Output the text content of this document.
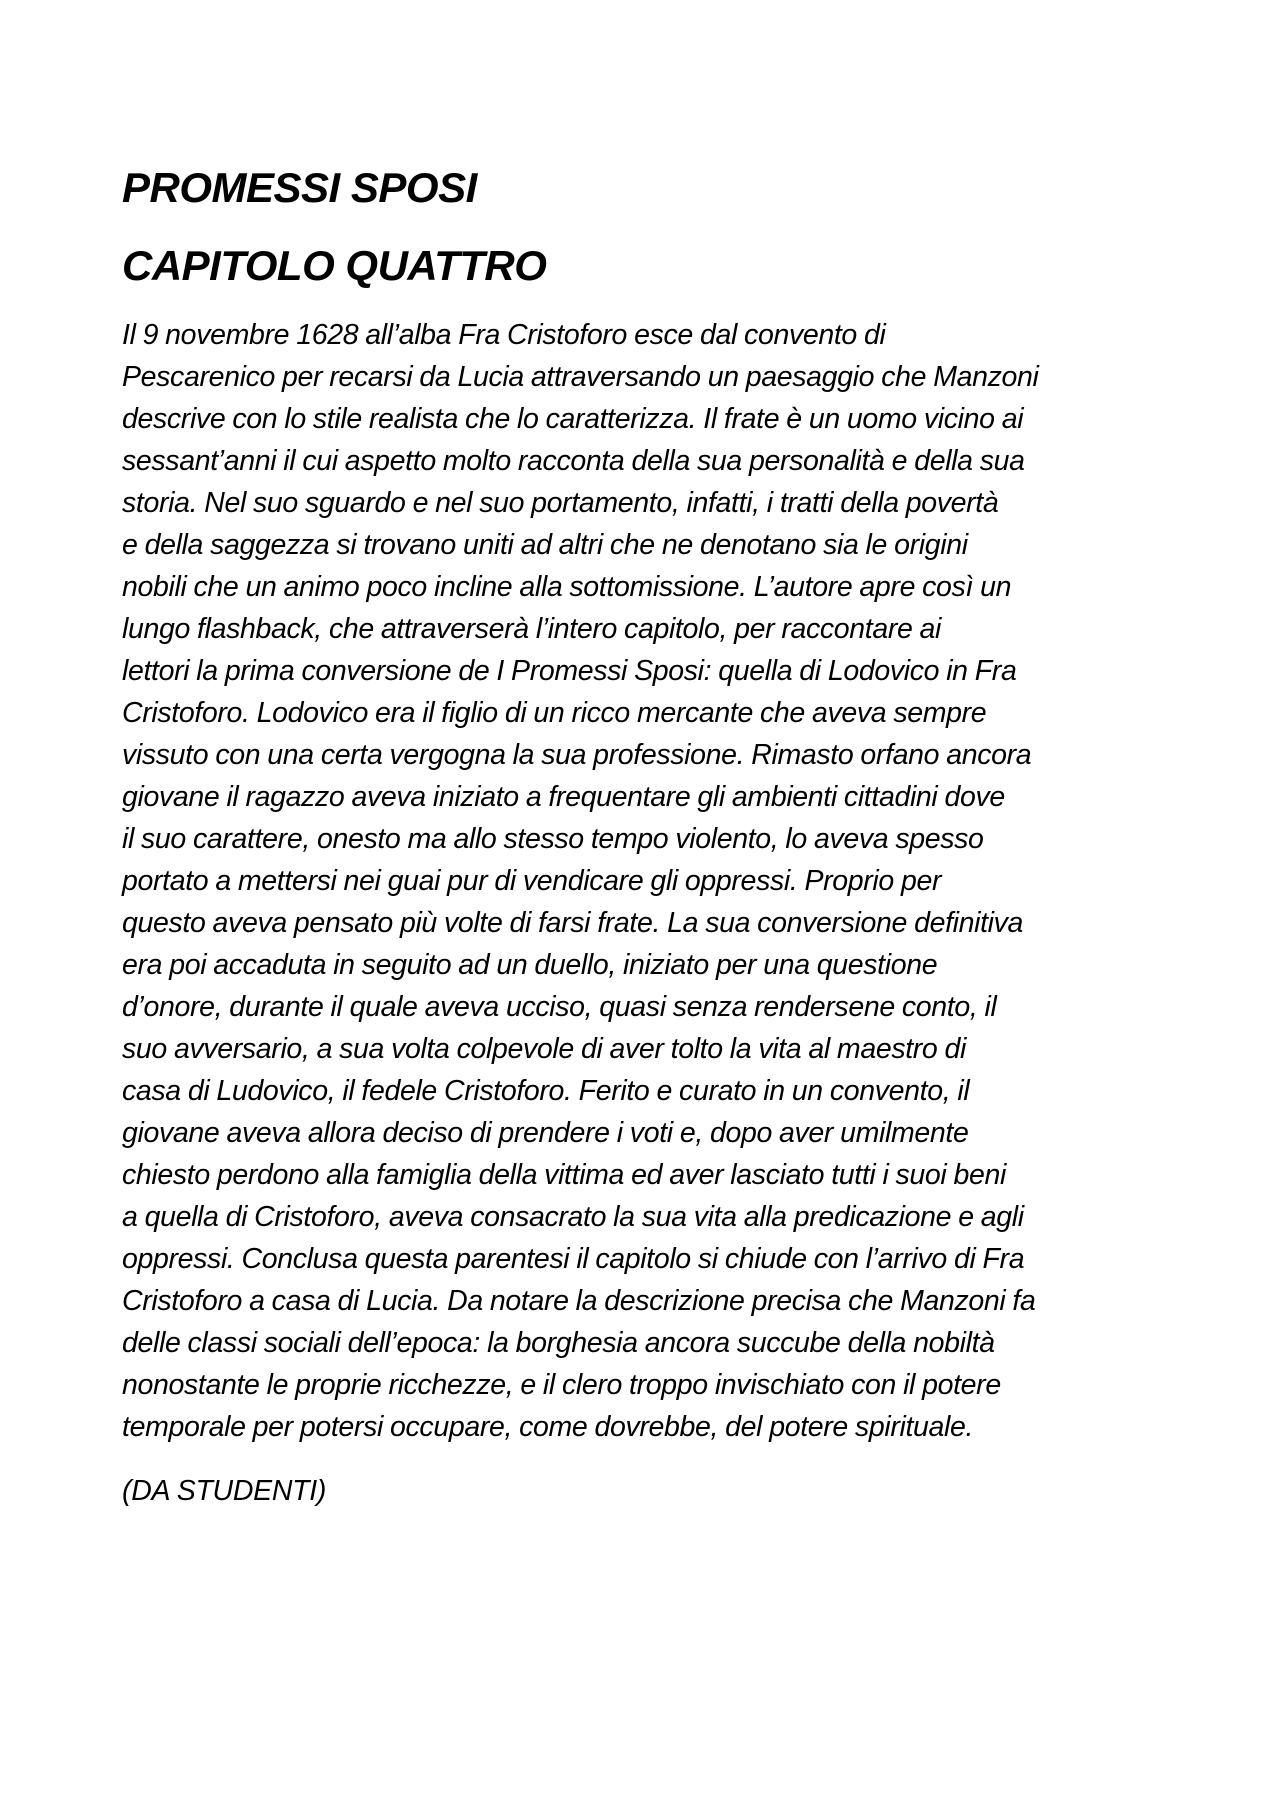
PROMESSI SPOSI
CAPITOLO QUATTRO

Il 9 novembre 1628 all’alba Fra Cristoforo esce dal convento di
Pescarenico per recarsi da Lucia attraversando un paesaggio che Manzoni
descrive con lo stile realista che lo caratterizza. Il frate è un uomo vicino ai
sessant’anni il cui aspetto molto racconta della sua personalità e della sua
storia. Nel suo sguardo e nel suo portamento, infatti, i tratti della povertà
e della saggezza si trovano uniti ad altri che ne denotano sia le origini
nobili che un animo poco incline alla sottomissione. L’autore apre così un
lungo flashback, che attraverserà l’intero capitolo, per raccontare ai
lettori la prima conversione de I Promessi Sposi: quella di Lodovico in Fra
Cristoforo. Lodovico era il figlio di un ricco mercante che aveva sempre
vissuto con una certa vergogna la sua professione. Rimasto orfano ancora
giovane il ragazzo aveva iniziato a frequentare gli ambienti cittadini dove
il suo carattere, onesto ma allo stesso tempo violento, lo aveva spesso
portato a mettersi nei guai pur di vendicare gli oppressi. Proprio per
questo aveva pensato più volte di farsi frate. La sua conversione definitiva
era poi accaduta in seguito ad un duello, iniziato per una questione
d’onore, durante il quale aveva ucciso, quasi senza rendersene conto, il
suo avversario, a sua volta colpevole di aver tolto la vita al maestro di
casa di Ludovico, il fedele Cristoforo. Ferito e curato in un convento, il
giovane aveva allora deciso di prendere i voti e, dopo aver umilmente
chiesto perdono alla famiglia della vittima ed aver lasciato tutti i suoi beni
a quella di Cristoforo, aveva consacrato la sua vita alla predicazione e agli
oppressi. Conclusa questa parentesi il capitolo si chiude con l’arrivo di Fra
Cristoforo a casa di Lucia. Da notare la descrizione precisa che Manzoni fa
delle classi sociali dell’epoca: la borghesia ancora succube della nobiltà
nonostante le proprie ricchezze, e il clero troppo invischiato con il potere
temporale per potersi occupare, come dovrebbe, del potere spirituale.

(DA STUDENTI)
